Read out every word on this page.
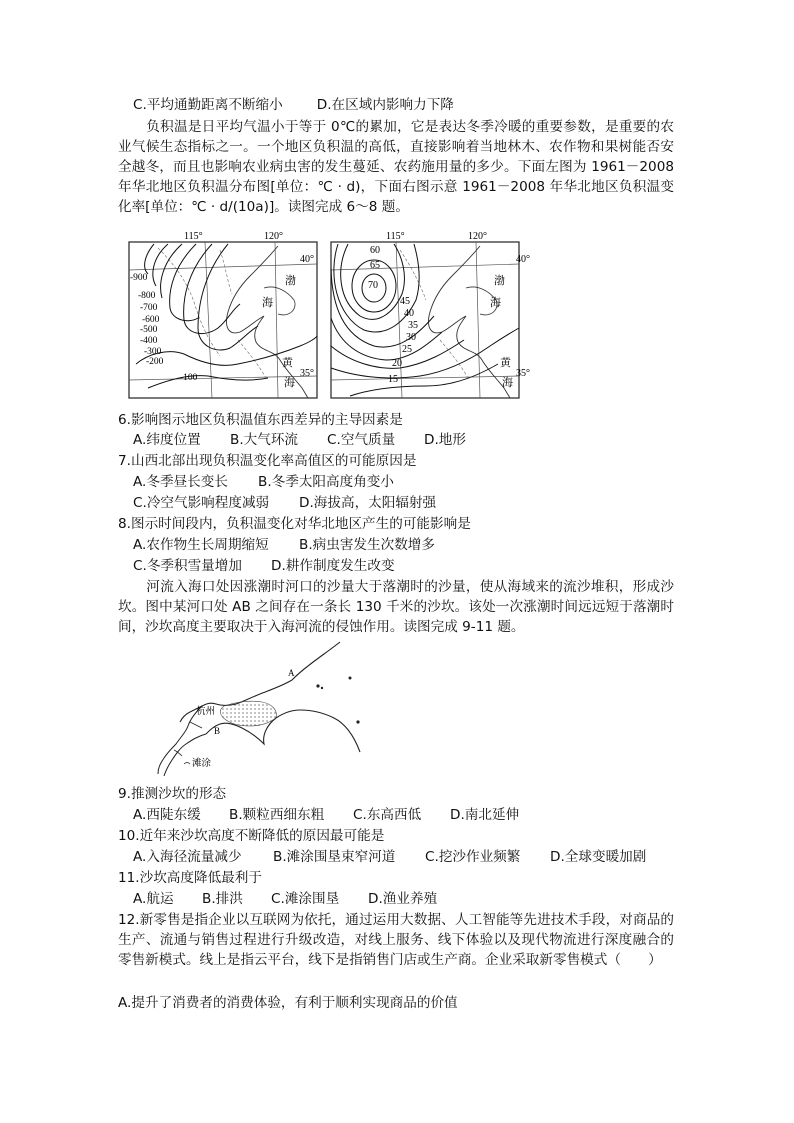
C.平均通勤距离不断缩小	D.在区域内影响力下降
负积温是日平均气温小于等于 0℃的累加，它是表达冬季冷暖的重要参数，是重要的农业气候生态指标之一。一个地区负积温的高低，直接影响着当地林木、农作物和果树能否安全越冬，而且也影响农业病虫害的发生蔓延、农药施用量的多少。下面左图为 1961－2008 年华北地区负积温分布图[单位：℃ · d)，下面右图示意 1961－2008 年华北地区负积温变化率[单位：℃ · d/(10a)]。读图完成 6～8 题。
115°	120°
40°
35°
-900
-800
-700
-600
-500
-400
-300
-200
-100
渤
海
黄
海
115°	120°
40°
35°
60
65
70
45
40
35
30
25
20
15
渤
海
黄
海
6.影响图示地区负积温值东西差异的主导因素是
A.纬度位置 B.大气环流 C.空气质量 D.地形
7.山西北部出现负积温变化率高值区的可能原因是
A.冬季昼长变长 B.冬季太阳高度角变小
C.冷空气影响程度减弱 D.海拔高，太阳辐射强
8.图示时间段内，负积温变化对华北地区产生的可能影响是
A.农作物生长周期缩短 B.病虫害发生次数增多
C.冬季积雪量增加 D.耕作制度发生改变
河流入海口处因涨潮时河口的沙量大于落潮时的沙量，使从海域来的流沙堆积，形成沙坎。图中某河口处 AB 之间存在一条长 130 千米的沙坎。该处一次涨潮时间远远短于落潮时间，沙坎高度主要取决于入海河流的侵蚀作用。读图完成 9-11 题。
A
B
杭州
滩涂
9.推测沙坎的形态
A.西陡东缓 B.颗粒西细东粗 C.东高西低 D.南北延伸
10.近年来沙坎高度不断降低的原因最可能是
A.入海径流量减少 B.滩涂围垦束窄河道 C.挖沙作业频繁 D.全球变暖加剧
11.沙坎高度降低最利于
A.航运 B.排洪 C.滩涂围垦 D.渔业养殖
12.新零售是指企业以互联网为依托，通过运用大数据、人工智能等先进技术手段，对商品的生产、流通与销售过程进行升级改造，对线上服务、线下体验以及现代物流进行深度融合的零售新模式。线上是指云平台，线下是指销售门店或生产商。企业采取新零售模式（　　）
A.提升了消费者的消费体验，有利于顺利实现商品的价值
